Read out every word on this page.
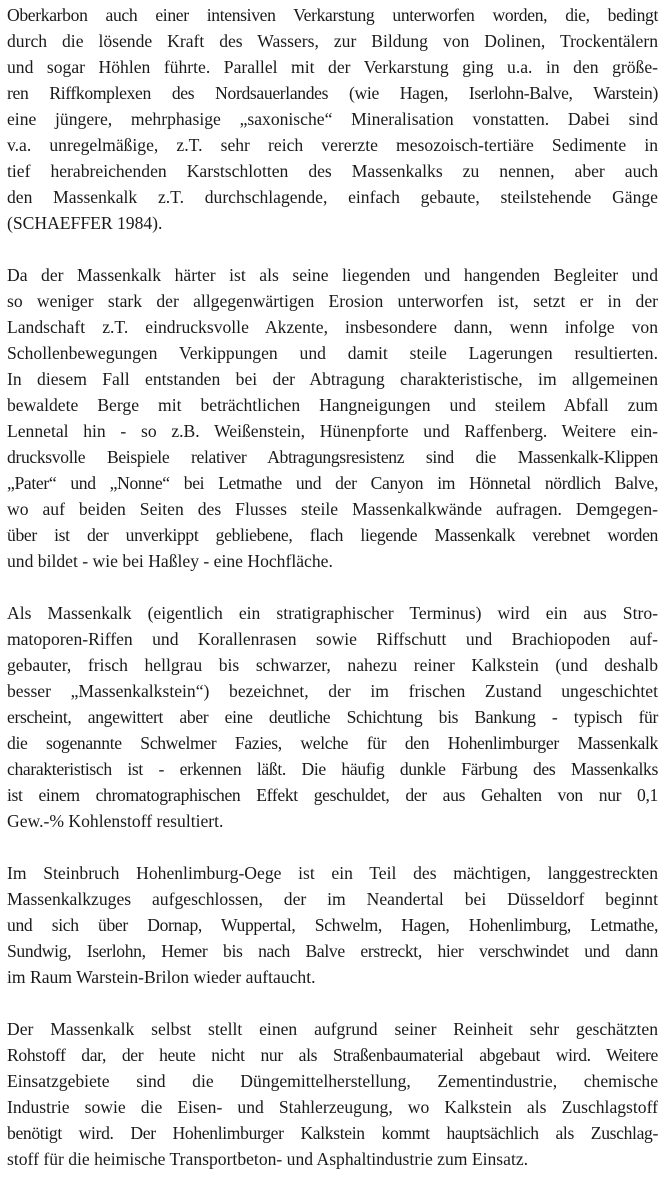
Oberkarbon auch einer intensiven Verkarstung unterworfen worden, die, bedingt
durch die lösende Kraft des Wassers, zur Bildung von Dolinen, Trockentälern
und sogar Höhlen führte. Parallel mit der Verkarstung ging u.a. in den größe-
ren Riffkomplexen des Nordsauerlandes (wie Hagen, Iserlohn-Balve, Warstein)
eine jüngere, mehrphasige „saxonische“ Mineralisation vonstatten. Dabei sind
v.a. unregelmäßige, z.T. sehr reich vererzte mesozoisch-tertiäre Sedimente in
tief herabreichenden Karstschlotten des Massenkalks zu nennen, aber auch
den Massenkalk z.T. durchschlagende, einfach gebaute, steilstehende Gänge
(SCHAEFFER 1984).
Da der Massenkalk härter ist als seine liegenden und hangenden Begleiter und
so weniger stark der allgegenwärtigen Erosion unterworfen ist, setzt er in der
Landschaft z.T. eindrucksvolle Akzente, insbesondere dann, wenn infolge von
Schollenbewegungen Verkippungen und damit steile Lagerungen resultierten.
In diesem Fall entstanden bei der Abtragung charakteristische, im allgemeinen
bewaldete Berge mit beträchtlichen Hangneigungen und steilem Abfall zum
Lennetal hin - so z.B. Weißenstein, Hünenpforte und Raffenberg. Weitere ein-
drucksvolle Beispiele relativer Abtragungsresistenz sind die Massenkalk-Klippen
„Pater“ und „Nonne“ bei Letmathe und der Canyon im Hönnetal nördlich Balve,
wo auf beiden Seiten des Flusses steile Massenkalkwände aufragen. Demgegen-
über ist der unverkippt gebliebene, flach liegende Massenkalk verebnet worden
und bildet - wie bei Haßley - eine Hochfläche.
Als Massenkalk (eigentlich ein stratigraphischer Terminus) wird ein aus Stro-
matoporen-Riffen und Korallenrasen sowie Riffschutt und Brachiopoden auf-
gebauter, frisch hellgrau bis schwarzer, nahezu reiner Kalkstein (und deshalb
besser „Massenkalkstein“) bezeichnet, der im frischen Zustand ungeschichtet
erscheint, angewittert aber eine deutliche Schichtung bis Bankung - typisch für
die sogenannte Schwelmer Fazies, welche für den Hohenlimburger Massenkalk
charakteristisch ist - erkennen läßt. Die häufig dunkle Färbung des Massenkalks
ist einem chromatographischen Effekt geschuldet, der aus Gehalten von nur 0,1
Gew.-% Kohlenstoff resultiert.
Im Steinbruch Hohenlimburg-Oege ist ein Teil des mächtigen, langgestreckten
Massenkalkzuges aufgeschlossen, der im Neandertal bei Düsseldorf beginnt
und sich über Dornap, Wuppertal, Schwelm, Hagen, Hohenlimburg, Letmathe,
Sundwig, Iserlohn, Hemer bis nach Balve erstreckt, hier verschwindet und dann
im Raum Warstein-Brilon wieder auftaucht.
Der Massenkalk selbst stellt einen aufgrund seiner Reinheit sehr geschätzten
Rohstoff dar, der heute nicht nur als Straßenbaumaterial abgebaut wird. Weitere
Einsatzgebiete sind die Düngemittelherstellung, Zementindustrie, chemische
Industrie sowie die Eisen- und Stahlerzeugung, wo Kalkstein als Zuschlagstoff
benötigt wird. Der Hohenlimburger Kalkstein kommt hauptsächlich als Zuschlag-
stoff für die heimische Transportbeton- und Asphaltindustrie zum Einsatz.
